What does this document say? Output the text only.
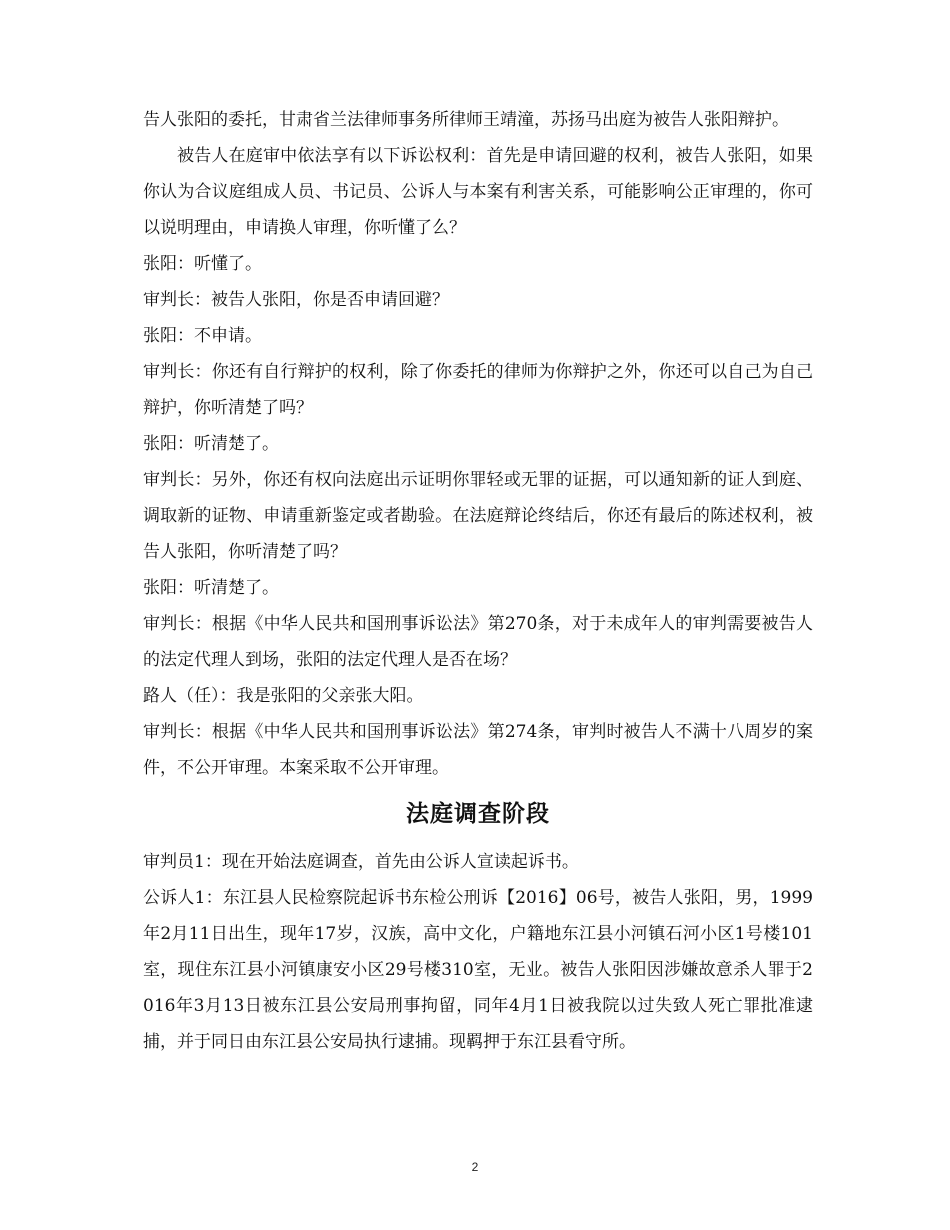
告人张阳的委托，甘肃省兰法律师事务所律师王靖潼，苏扬马出庭为被告人张阳辩护。

被告人在庭审中依法享有以下诉讼权利：首先是申请回避的权利，被告人张阳，如果你认为合议庭组成人员、书记员、公诉人与本案有利害关系，可能影响公正审理的，你可以说明理由，申请换人审理，你听懂了么？

张阳：听懂了。

审判长：被告人张阳，你是否申请回避？

张阳：不申请。

审判长：你还有自行辩护的权利，除了你委托的律师为你辩护之外，你还可以自己为自己辩护，你听清楚了吗？

张阳：听清楚了。

审判长：另外，你还有权向法庭出示证明你罪轻或无罪的证据，可以通知新的证人到庭、调取新的证物、申请重新鉴定或者勘验。在法庭辩论终结后，你还有最后的陈述权利，被告人张阳，你听清楚了吗？

张阳：听清楚了。

审判长：根据《中华人民共和国刑事诉讼法》第270条，对于未成年人的审判需要被告人的法定代理人到场，张阳的法定代理人是否在场？

路人（任）：我是张阳的父亲张大阳。

审判长：根据《中华人民共和国刑事诉讼法》第274条，审判时被告人不满十八周岁的案件，不公开审理。本案采取不公开审理。

法庭调查阶段

审判员1：现在开始法庭调查，首先由公诉人宣读起诉书。

公诉人1：东江县人民检察院起诉书东检公刑诉【2016】06号，被告人张阳，男，1999年2月11日出生，现年17岁，汉族，高中文化，户籍地东江县小河镇石河小区1号楼101室，现住东江县小河镇康安小区29号楼310室，无业。被告人张阳因涉嫌故意杀人罪于2016年3月13日被东江县公安局刑事拘留，同年4月1日被我院以过失致人死亡罪批准逮捕，并于同日由东江县公安局执行逮捕。现羁押于东江县看守所。

2
